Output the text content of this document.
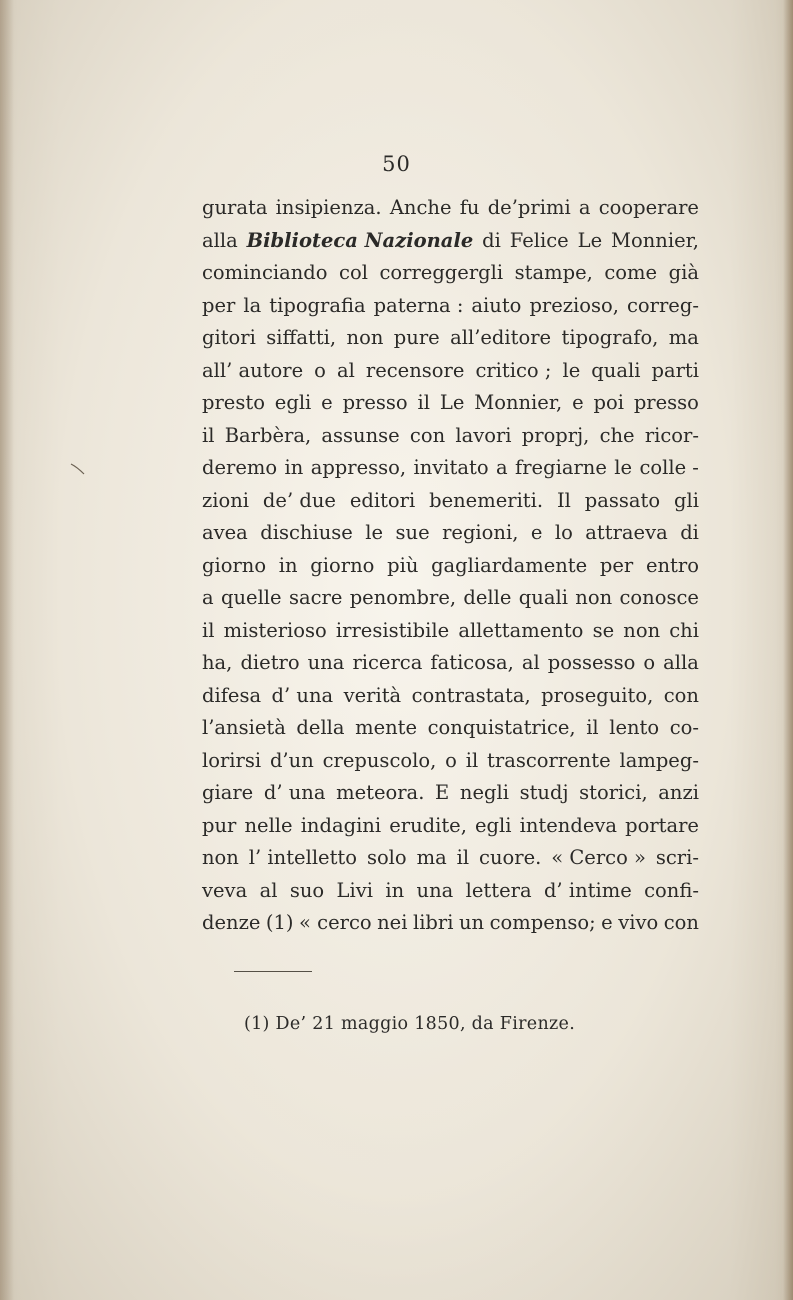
50
gurata insipienza. Anche fu de’primi a cooperare
alla Biblioteca Nazionale di Felice Le Monnier,
cominciando col correggergli stampe, come già
per la tipografia paterna : aiuto prezioso, correg-
gitori siffatti, non pure all’editore tipografo, ma
all’ autore o al recensore critico ; le quali parti
presto egli e presso il Le Monnier, e poi presso
il Barbèra, assunse con lavori proprj, che ricor-
deremo in appresso, invitato a fregiarne le colle -
zioni de’ due editori benemeriti. Il passato gli
avea dischiuse le sue regioni, e lo attraeva di
giorno in giorno più gagliardamente per entro
a quelle sacre penombre, delle quali non conosce
il misterioso irresistibile allettamento se non chi
ha, dietro una ricerca faticosa, al possesso o alla
difesa d’ una verità contrastata, proseguito, con
l’ansietà della mente conquistatrice, il lento co-
lorirsi d’un crepuscolo, o il trascorrente lampeg-
giare d’ una meteora. E negli studj storici, anzi
pur nelle indagini erudite, egli intendeva portare
non l’ intelletto solo ma il cuore. « Cerco » scri-
veva al suo Livi in una lettera d’ intime confi-
denze (1) « cerco nei libri un compenso; e vivo con
(1) De’ 21 maggio 1850, da Firenze.
